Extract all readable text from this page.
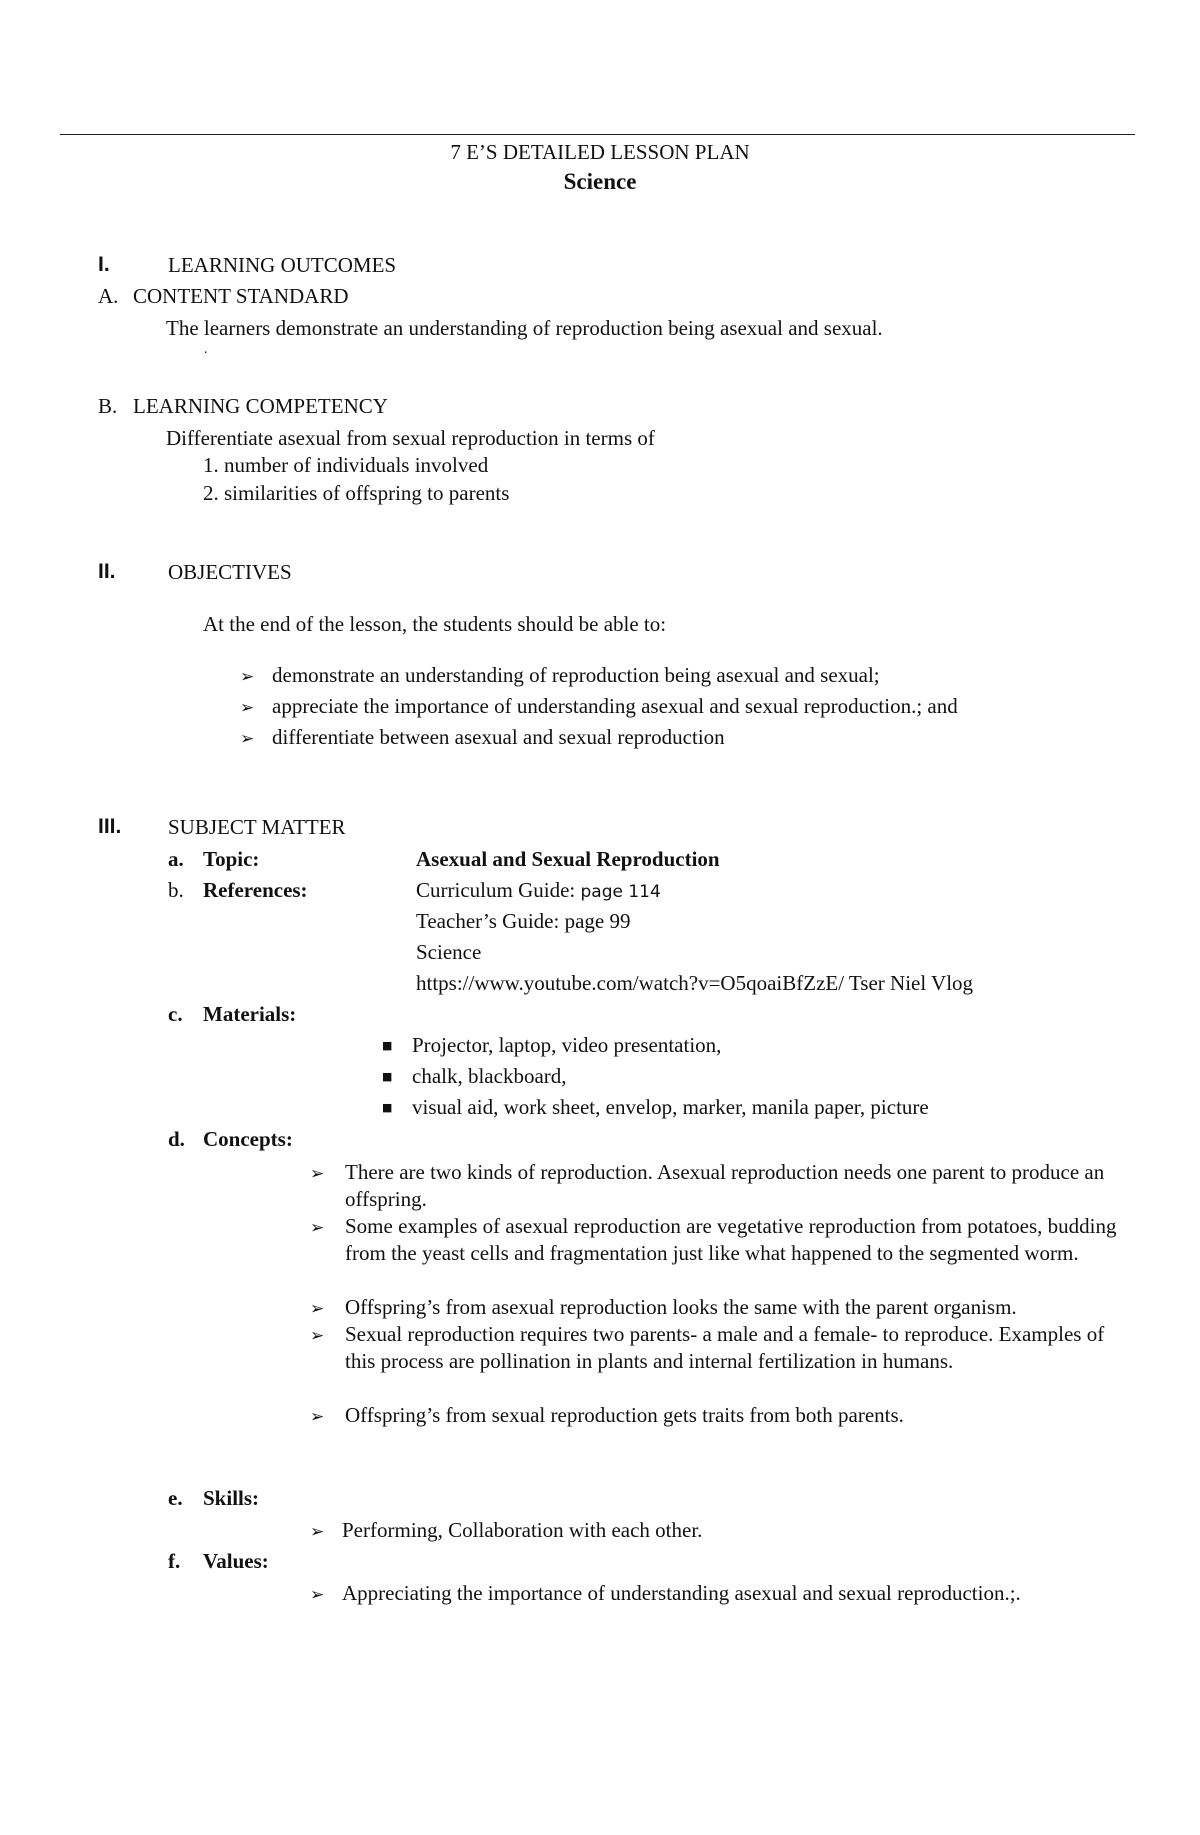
7 E’S DETAILED LESSON PLAN
Science
I.	LEARNING OUTCOMES
A. CONTENT STANDARD
The learners demonstrate an understanding of reproduction being asexual and sexual.
.
B. LEARNING COMPETENCY
Differentiate asexual from sexual reproduction in terms of
1. number of individuals involved
2. similarities of offspring to parents
II. OBJECTIVES
At the end of the lesson, the students should be able to:
➢ demonstrate an understanding of reproduction being asexual and sexual;
➢ appreciate the importance of understanding asexual and sexual reproduction.; and
➢ differentiate between asexual and sexual reproduction
III. SUBJECT MATTER
a. Topic:	Asexual and Sexual Reproduction
b. References:	Curriculum Guide: page 114
Teacher’s Guide: page 99
Science
https://www.youtube.com/watch?v=O5qoaiBfZzE/ Tser Niel Vlog
c. Materials:
■ Projector, laptop, video presentation,
■ chalk, blackboard,
■ visual aid, work sheet, envelop, marker, manila paper, picture
d. Concepts:
➢ There are two kinds of reproduction. Asexual reproduction needs one parent to produce an offspring.
➢ Some examples of asexual reproduction are vegetative reproduction from potatoes, budding from the yeast cells and fragmentation just like what happened to the segmented worm.
➢ Offspring’s from asexual reproduction looks the same with the parent organism.
➢ Sexual reproduction requires two parents- a male and a female- to reproduce. Examples of this process are pollination in plants and internal fertilization in humans.
➢ Offspring’s from sexual reproduction gets traits from both parents.
e. Skills:
➢ Performing, Collaboration with each other.
f. Values:
➢ Appreciating the importance of understanding asexual and sexual reproduction.;.
